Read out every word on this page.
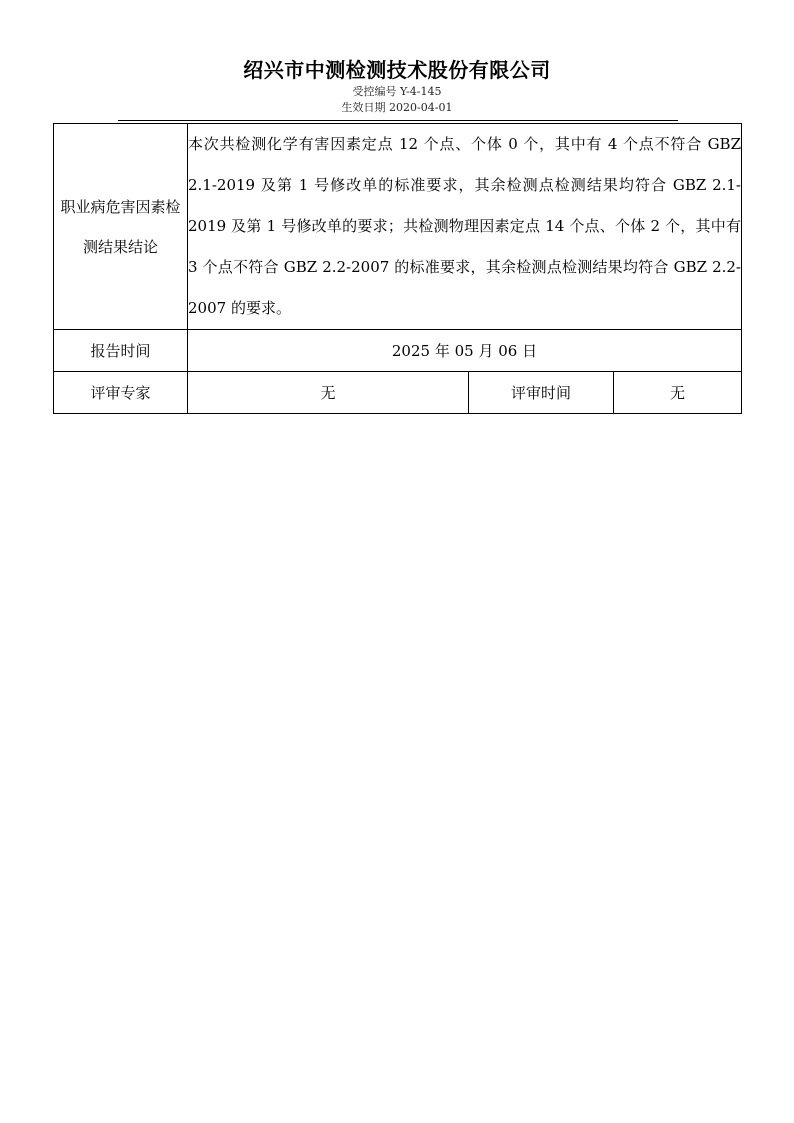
绍兴市中测检测技术股份有限公司
受控编号 Y-4-145
生效日期 2020-04-01
职业病危害因素检测结果结论	本次共检测化学有害因素定点 12 个点、个体 0 个，其中有 4 个点不符合 GBZ 2.1-2019 及第 1 号修改单的标准要求，其余检测点检测结果均符合 GBZ 2.1-2019 及第 1 号修改单的要求；共检测物理因素定点 14 个点、个体 2 个，其中有 3 个点不符合 GBZ 2.2-2007 的标准要求，其余检测点检测结果均符合 GBZ 2.2-2007 的要求。		
报告时间	2025 年 05 月 06 日		
评审专家	无	评审时间	无
